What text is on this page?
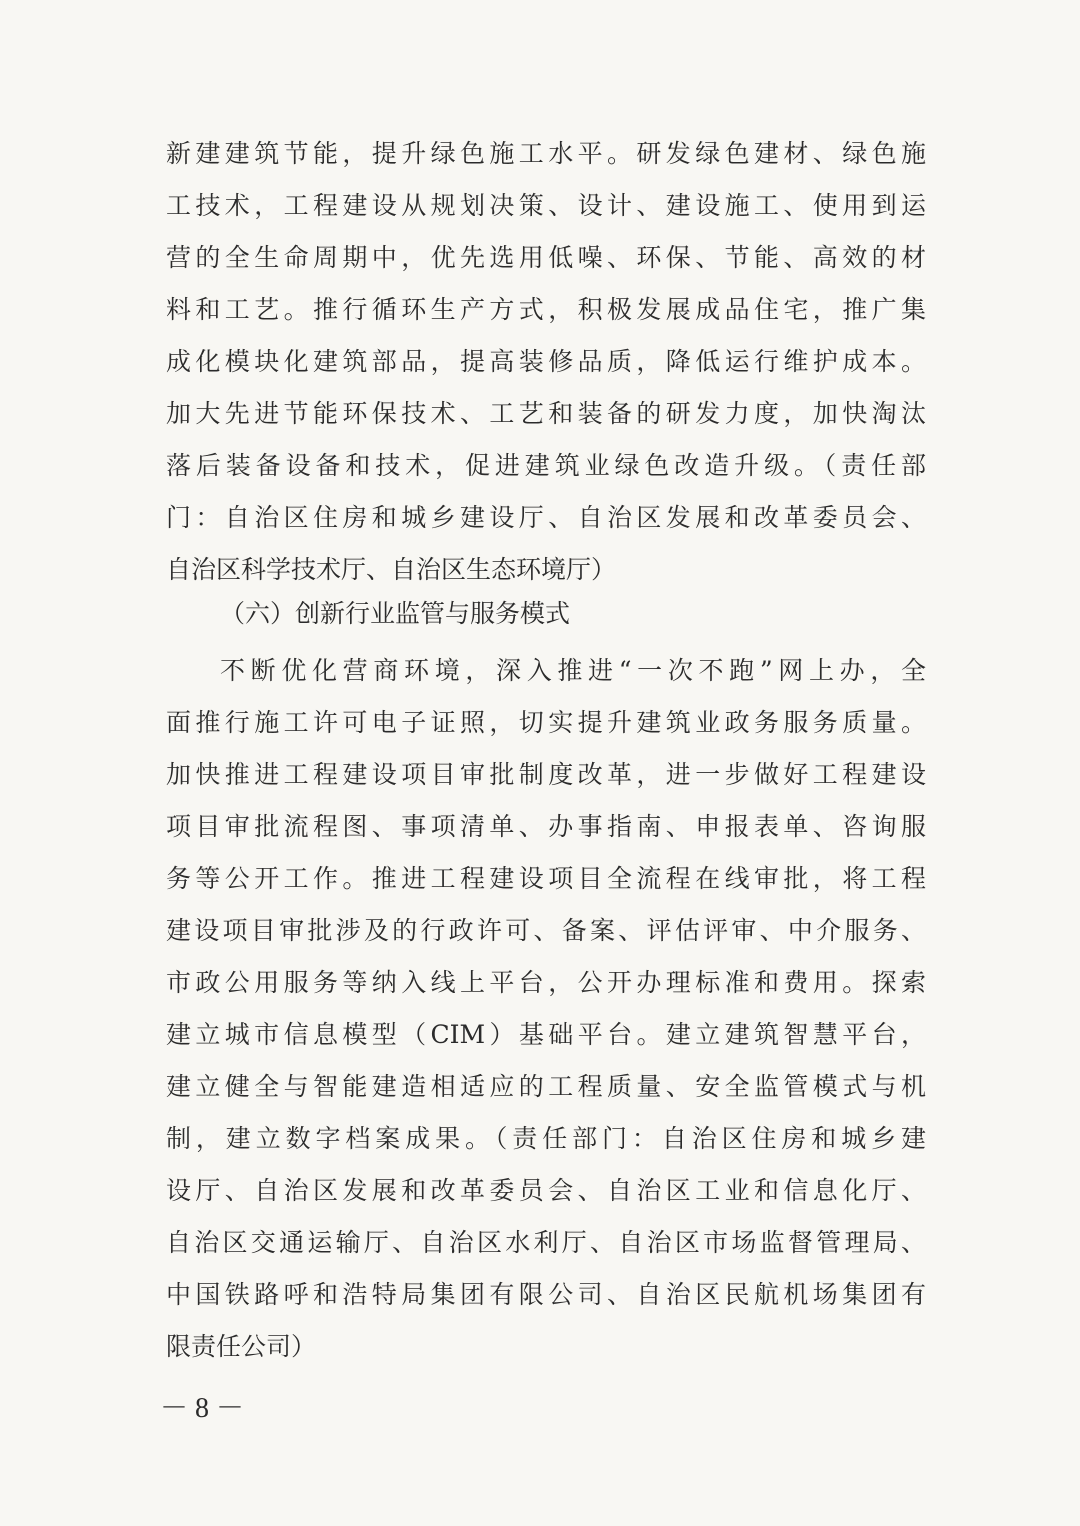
新建建筑节能，提升绿色施工水平。研发绿色建材、绿色施
工技术，工程建设从规划决策、设计、建设施工、使用到运
营的全生命周期中，优先选用低噪、环保、节能、高效的材
料和工艺。推行循环生产方式，积极发展成品住宅，推广集
成化模块化建筑部品，提高装修品质，降低运行维护成本。
加大先进节能环保技术、工艺和装备的研发力度，加快淘汰
落后装备设备和技术，促进建筑业绿色改造升级。（责任部
门：自治区住房和城乡建设厅、自治区发展和改革委员会、
自治区科学技术厅、自治区生态环境厅）
（六）创新行业监管与服务模式
不断优化营商环境，深入推进“一次不跑”网上办，全
面推行施工许可电子证照，切实提升建筑业政务服务质量。
加快推进工程建设项目审批制度改革，进一步做好工程建设
项目审批流程图、事项清单、办事指南、申报表单、咨询服
务等公开工作。推进工程建设项目全流程在线审批，将工程
建设项目审批涉及的行政许可、备案、评估评审、中介服务、
市政公用服务等纳入线上平台，公开办理标准和费用。探索
建立城市信息模型（CIM）基础平台。建立建筑智慧平台，
建立健全与智能建造相适应的工程质量、安全监管模式与机
制，建立数字档案成果。（责任部门：自治区住房和城乡建
设厅、自治区发展和改革委员会、自治区工业和信息化厅、
自治区交通运输厅、自治区水利厅、自治区市场监督管理局、
中国铁路呼和浩特局集团有限公司、自治区民航机场集团有
限责任公司）
－ 8 －
